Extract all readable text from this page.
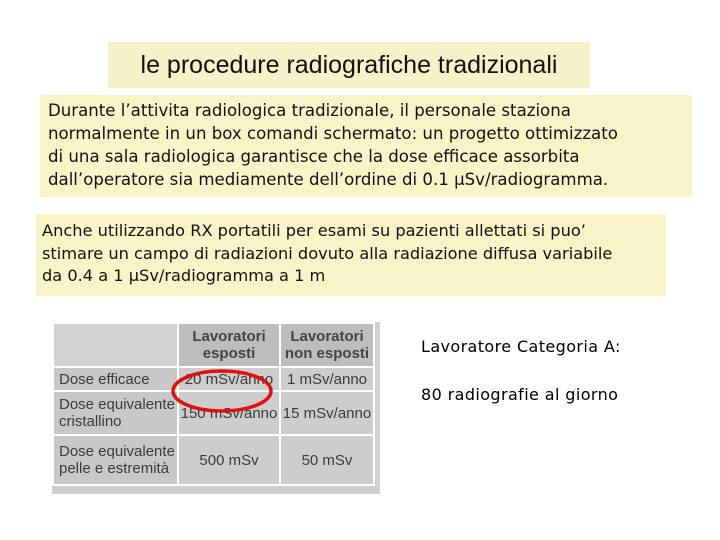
le procedure radiografiche tradizionali
Durante l’attivita radiologica tradizionale, il personale staziona
normalmente in un box comandi schermato: un progetto ottimizzato
di una sala radiologica garantisce che la dose efficace assorbita
dall’operatore sia mediamente dell’ordine di 0.1 μSv/radiogramma.
Anche utilizzando RX portatili per esami su pazienti allettati si puo’
stimare un campo di radiazioni dovuto alla radiazione diffusa variabile
da 0.4 a 1 μSv/radiogramma a 1 m
	Lavoratori esposti	Lavoratori non esposti
Dose efficace	20 mSv/anno	1 mSv/anno
Dose equivalente cristallino	150 mSv/anno	15 mSv/anno
Dose equivalente pelle e estremità	500 mSv	50 mSv
Lavoratore Categoria A:
80 radiografie al giorno
